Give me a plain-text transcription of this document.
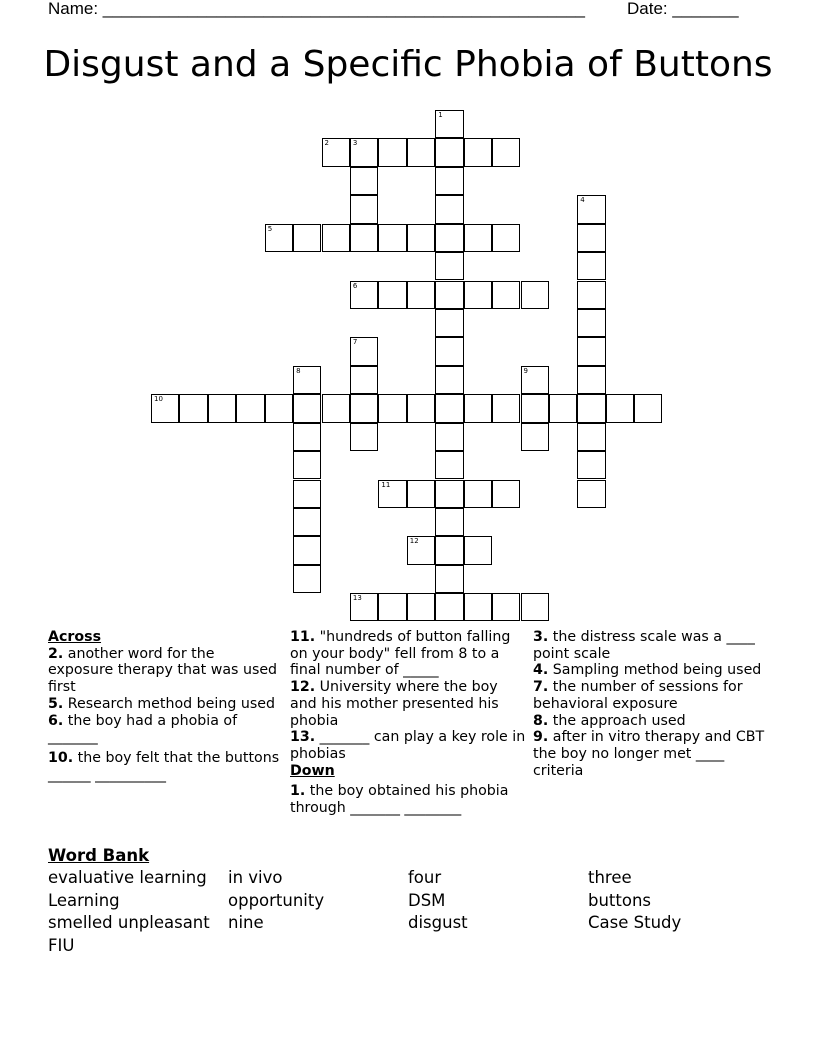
Name: ___________________________________________________ Date: _______
Disgust and a Specific Phobia of Buttons
1
2	3
4
5
6
7
8	9
10
11
12
13

Across

2. another word for the exposure therapy that was used first

5. Research method being used

6. the boy had a phobia of _______

10. the boy felt that the buttons ______ __________

11. "hundreds of button falling on your body" fell from 8 to a final number of _____

12. University where the boy and his mother presented his phobia

13. _______ can play a key role in phobias

Down

1. the boy obtained his phobia through _______ ________

3. the distress scale was a ____ point scale

4. Sampling method being used

7. the number of sessions for behavioral exposure

8. the approach used

9. after in vitro therapy and CBT the boy no longer met ____ criteria

Word Bank
evaluative learning
Learning
smelled unpleasant
FIU
in vivo
opportunity
nine
four
DSM
disgust
three
buttons
Case Study
